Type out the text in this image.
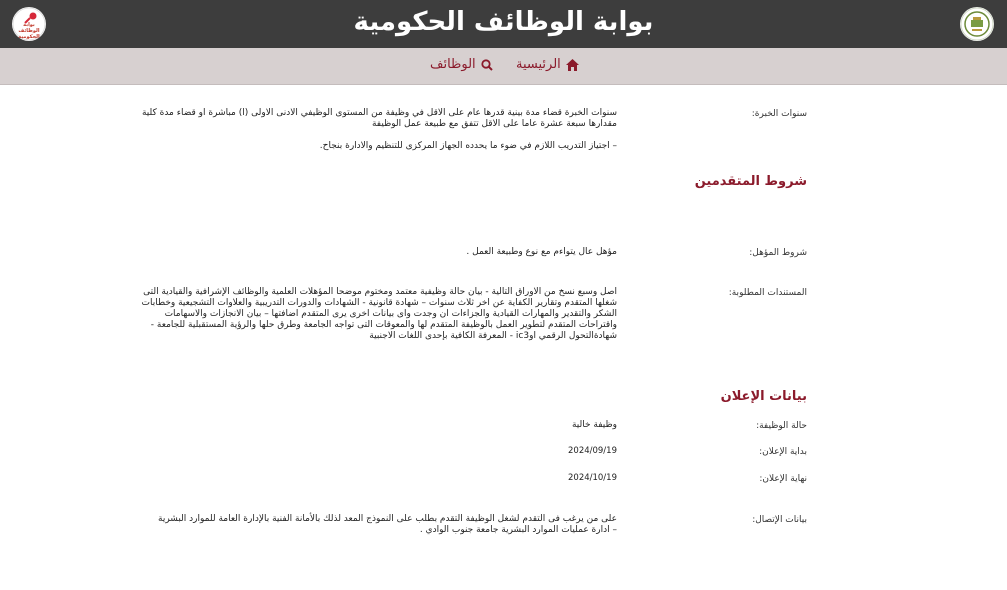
بوابة الوظائف الحكومية	بوابة الوظائف الحكومية
الرئيسية
الوظائف
سنوات الخبرة:

سنوات الخبرة قضاء مدة بينية قدرها عام على الاقل في وظيفة من المستوى الوظيفي الادنى الاولى (ا) مباشرة او قضاء مدة كلية مقدارها سبعة عشرة عاما على الاقل تتفق مع طبيعة عمل الوظيفة

– اجتياز التدريب اللازم في ضوء ما يحدده الجهاز المركزى للتنظيم والادارة بنجاح.

شروط المتقدمين
شروط المؤهل:
مؤهل عال يتواءم مع نوع وطبيعة العمل .
المستندات المطلوبة:
اصل وسبع نسخ من الاوراق التالية - بيان حالة وظيفية معتمد ومختوم موضحا المؤهلات العلمية والوظائف الإشرافية والقيادية التى شغلها المتقدم وتقارير الكفاية عن اخر ثلاث سنوات – شهادة قانونية - الشهادات والدورات التدريبية والعلاوات التشجيعية وخطابات الشكر والتقدير والمهارات القيادية والجزاءات ان وجدت واى بيانات اخرى يرى المتقدم اضافتها – بيان الانجازات والاسهامات واقتراحات المتقدم لتطوير العمل بالوظيفة المتقدم لها والمعوقات التى تواجه الجامعة وطرق حلها والرؤية المستقبلية للجامعة - شهادةالتحول الرقمي اوic3 - المعرفة الكافية بإحدى اللغات الاجنبية
بيانات الإعلان
حالة الوظيفة:
وظيفة خالية
بداية الإعلان:
2024/09/19
نهاية الإعلان:
2024/10/19
بيانات الإتصال:

على من يرغب فى التقدم لشغل الوظيفة التقدم بطلب على النموذج المعد لذلك بالأمانة الفنية بالإدارة العامة للموارد البشرية

– ادارة عمليات الموارد البشرية جامعة جنوب الوادي .
